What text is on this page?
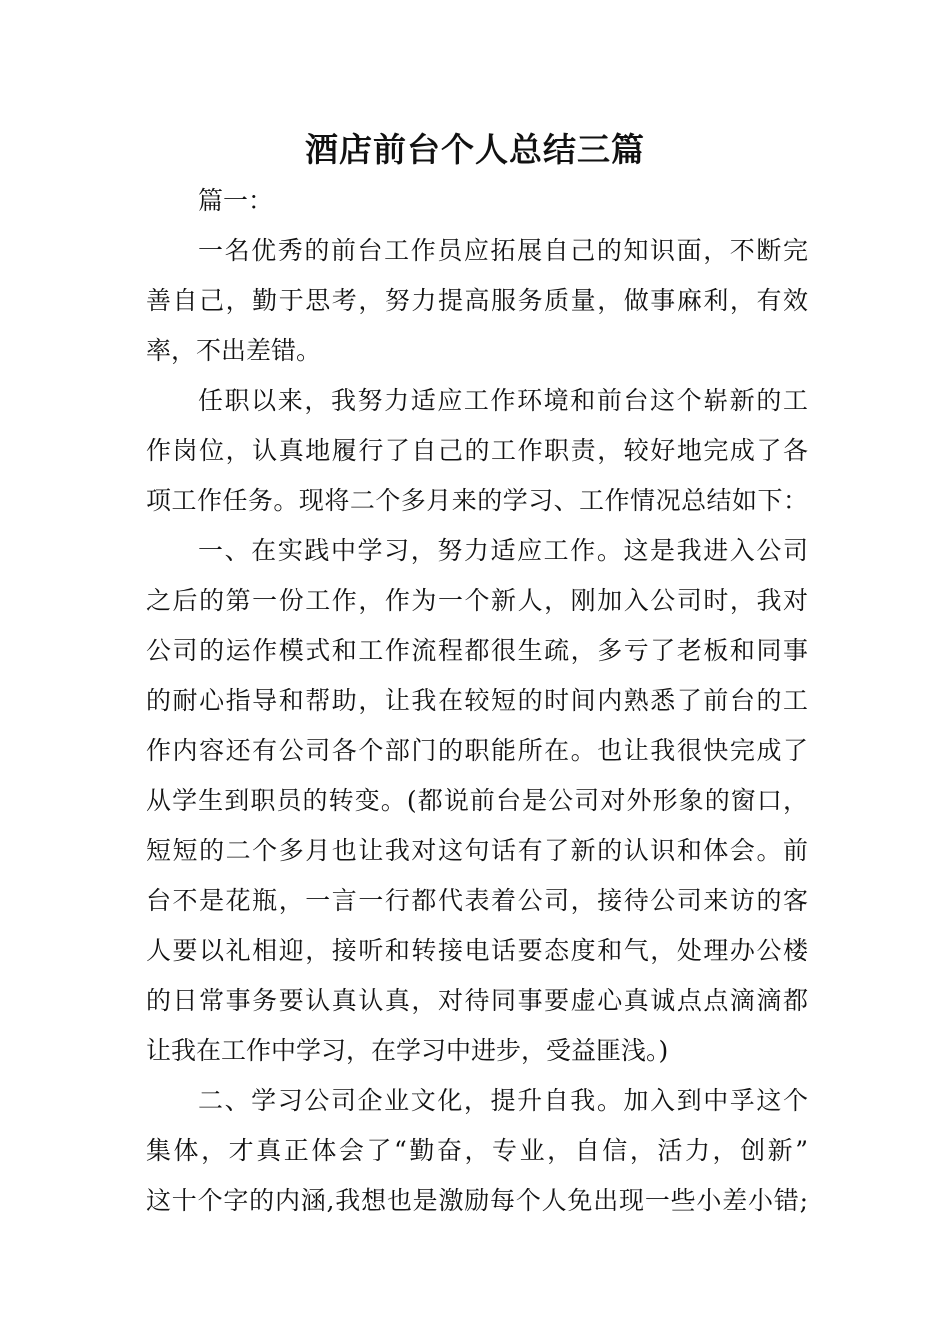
酒店前台个人总结三篇

篇一：

一名优秀的前台工作员应拓展自己的知识面，不断完

善自己，勤于思考，努力提高服务质量，做事麻利，有效

率，不出差错。

任职以来，我努力适应工作环境和前台这个崭新的工

作岗位，认真地履行了自己的工作职责，较好地完成了各

项工作任务。现将二个多月来的学习、工作情况总结如下：

一、在实践中学习，努力适应工作。这是我进入公司

之后的第一份工作，作为一个新人，刚加入公司时，我对

公司的运作模式和工作流程都很生疏，多亏了老板和同事

的耐心指导和帮助，让我在较短的时间内熟悉了前台的工

作内容还有公司各个部门的职能所在。也让我很快完成了

从学生到职员的转变。(都说前台是公司对外形象的窗口，

短短的二个多月也让我对这句话有了新的认识和体会。前

台不是花瓶，一言一行都代表着公司，接待公司来访的客

人要以礼相迎，接听和转接电话要态度和气，处理办公楼

的日常事务要认真认真，对待同事要虚心真诚点点滴滴都

让我在工作中学习，在学习中进步，受益匪浅。)

二、学习公司企业文化，提升自我。加入到中孚这个

集体，才真正体会了“勤奋，专业，自信，活力，创新”

这十个字的内涵,我想也是激励每个人免出现一些小差小错;
